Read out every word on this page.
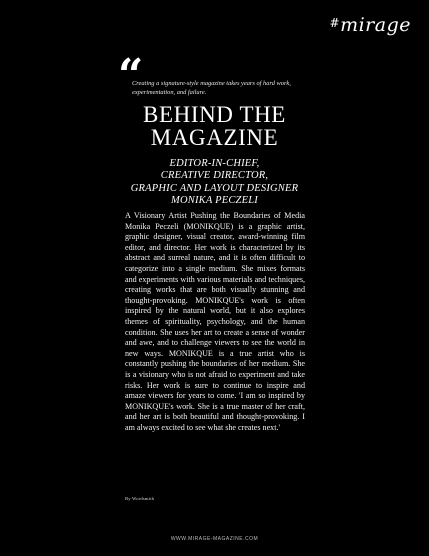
#mirage
“
Creating a signature-style magazine takes years of hard work, experimentation, and failure.
BEHIND THE
MAGAZINE
EDITOR-IN-CHIEF,
CREATIVE DIRECTOR,
GRAPHIC AND LAYOUT DESIGNER
MONIKA PECZELI

A Visionary Artist Pushing the Boundaries of Media Monika Peczeli (MONIKQUE) is a graphic artist, graphic designer, visual creator, award-winning film editor, and director. Her work is characterized by its abstract and surreal nature, and it is often difficult to categorize into a single medium. She mixes formats and experiments with various materials and techniques, creating works that are both visually stunning and thought-provoking. MONIKQUE's work is often inspired by the natural world, but it also explores themes of spirituality, psychology, and the human condition. She uses her art to create a sense of wonder and awe, and to challenge viewers to see the world in new ways. MONIKQUE is a true artist who is constantly pushing the boundaries of her medium. She is a visionary who is not afraid to experiment and take risks. Her work is sure to continue to inspire and amaze viewers for years to come. 'I am so inspired by MONIKQUE's work. She is a true master of her craft, and her art is both beautiful and thought-provoking. I am always excited to see what she creates next.'

By Wordsmith
WWW.MIRAGE-MAGAZINE.COM
